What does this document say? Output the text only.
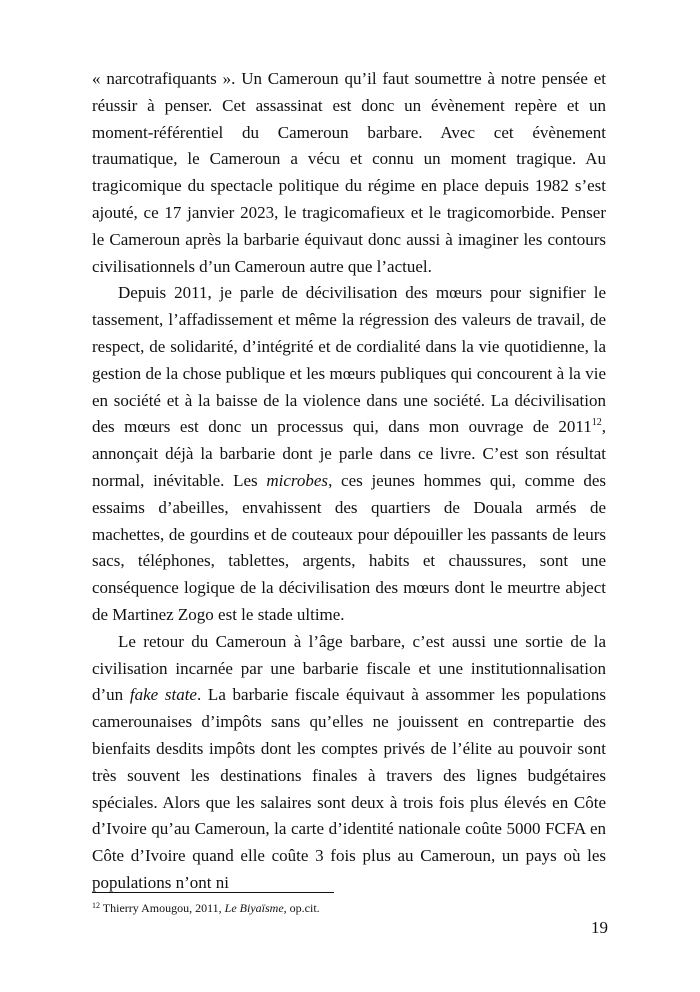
« narcotrafiquants ». Un Cameroun qu’il faut soumettre à notre pensée et réussir à penser. Cet assassinat est donc un évènement repère et un moment-référentiel du Cameroun barbare. Avec cet évènement traumatique, le Cameroun a vécu et connu un moment tragique. Au tragicomique du spectacle politique du régime en place depuis 1982 s’est ajouté, ce 17 janvier 2023, le tragicomafieux et le tragicomorbide. Penser le Cameroun après la barbarie équivaut donc aussi à imaginer les contours civilisationnels d’un Cameroun autre que l’actuel.

Depuis 2011, je parle de décivilisation des mœurs pour signifier le tassement, l’affadissement et même la régression des valeurs de travail, de respect, de solidarité, d’intégrité et de cordialité dans la vie quotidienne, la gestion de la chose publique et les mœurs publiques qui concourent à la vie en société et à la baisse de la violence dans une société. La décivilisation des mœurs est donc un processus qui, dans mon ouvrage de 2011$^{12}$, annonçait déjà la barbarie dont je parle dans ce livre. C’est son résultat normal, inévitable. Les microbes, ces jeunes hommes qui, comme des essaims d’abeilles, envahissent des quartiers de Douala armés de machettes, de gourdins et de couteaux pour dépouiller les passants de leurs sacs, téléphones, tablettes, argents, habits et chaussures, sont une conséquence logique de la décivilisation des mœurs dont le meurtre abject de Martinez Zogo est le stade ultime.

Le retour du Cameroun à l’âge barbare, c’est aussi une sortie de la civilisation incarnée par une barbarie fiscale et une institutionnalisation d’un fake state. La barbarie fiscale équivaut à assommer les populations camerounaises d’impôts sans qu’elles ne jouissent en contrepartie des bienfaits desdits impôts dont les comptes privés de l’élite au pouvoir sont très souvent les destinations finales à travers des lignes budgétaires spéciales. Alors que les salaires sont deux à trois fois plus élevés en Côte d’Ivoire qu’au Cameroun, la carte d’identité nationale coûte 5000 FCFA en Côte d’Ivoire quand elle coûte 3 fois plus au Cameroun, un pays où les populations n’ont ni

$^{12}$ Thierry Amougou, 2011, Le Biyaïsme, op.cit.

19
